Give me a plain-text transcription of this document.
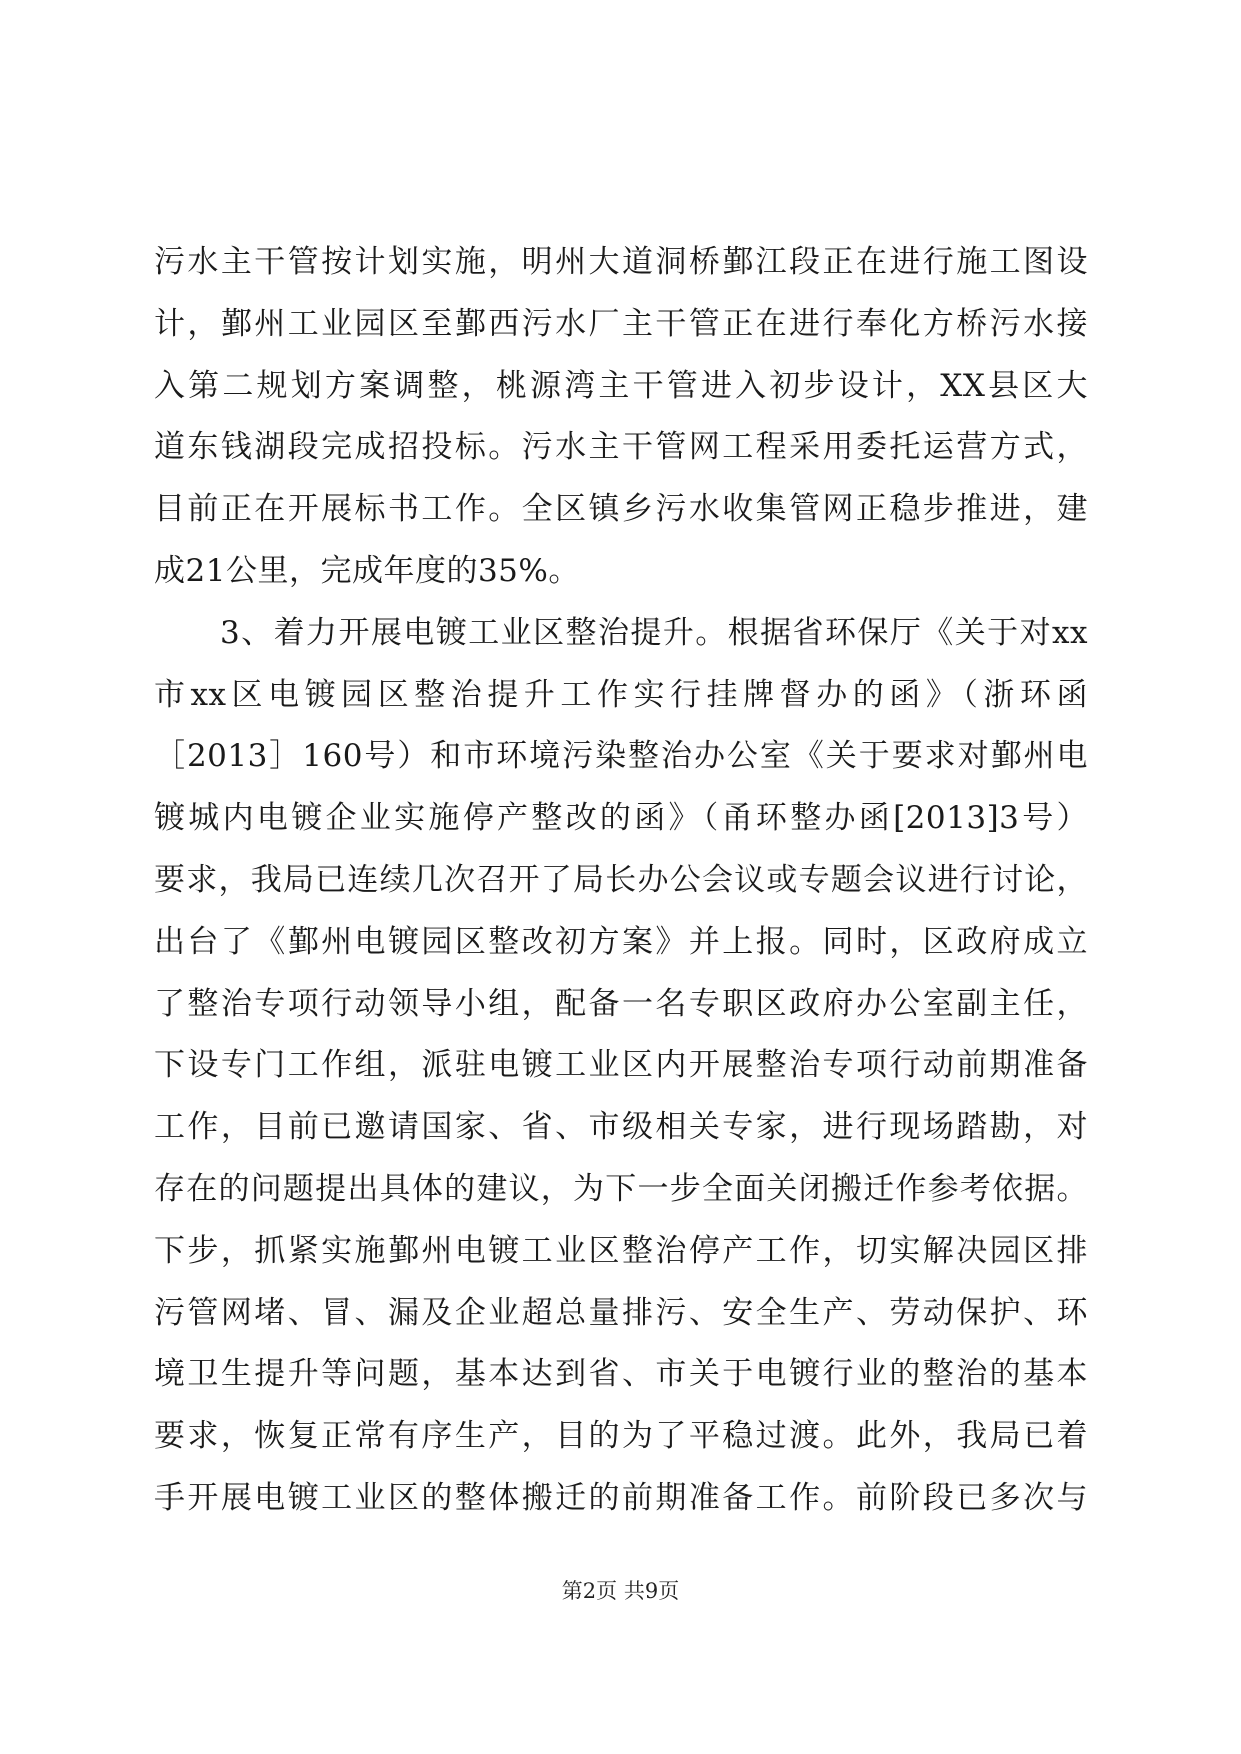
污水主干管按计划实施，明州大道洞桥鄞江段正在进行施工图设
计，鄞州工业园区至鄞西污水厂主干管正在进行奉化方桥污水接
入第二规划方案调整，桃源湾主干管进入初步设计，XX县区大
道东钱湖段完成招投标。污水主干管网工程采用委托运营方式，
目前正在开展标书工作。全区镇乡污水收集管网正稳步推进，建
成21公里，完成年度的35%。
3、着力开展电镀工业区整治提升。根据省环保厅《关于对xx
市xx区电镀园区整治提升工作实行挂牌督办的函》（浙环函
［2013］160号）和市环境污染整治办公室《关于要求对鄞州电
镀城内电镀企业实施停产整改的函》（甬环整办函[2013]3号）
要求，我局已连续几次召开了局长办公会议或专题会议进行讨论，
出台了《鄞州电镀园区整改初方案》并上报。同时，区政府成立
了整治专项行动领导小组，配备一名专职区政府办公室副主任，
下设专门工作组，派驻电镀工业区内开展整治专项行动前期准备
工作，目前已邀请国家、省、市级相关专家，进行现场踏勘，对
存在的问题提出具体的建议，为下一步全面关闭搬迁作参考依据。
下步，抓紧实施鄞州电镀工业区整治停产工作，切实解决园区排
污管网堵、冒、漏及企业超总量排污、安全生产、劳动保护、环
境卫生提升等问题，基本达到省、市关于电镀行业的整治的基本
要求，恢复正常有序生产，目的为了平稳过渡。此外，我局已着
手开展电镀工业区的整体搬迁的前期准备工作。前阶段已多次与
第2页 共9页
